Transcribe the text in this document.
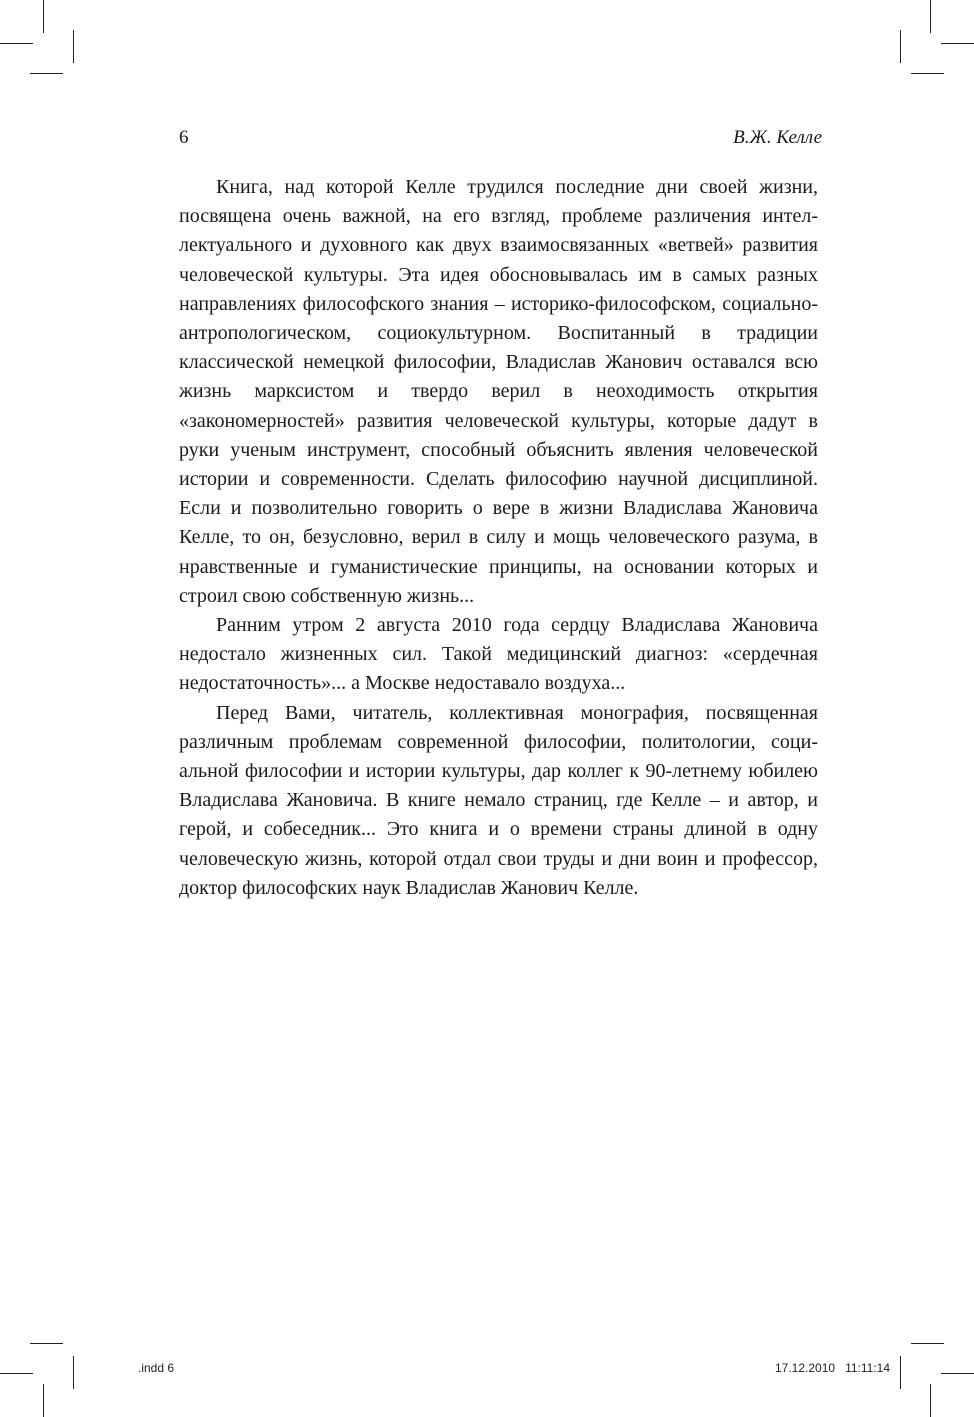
6	В.Ж. Келле

Книга, над которой Келле трудился последние дни своей жизни, посвящена очень важной, на его взгляд, проблеме различения интеллектуального и духовного как двух взаимосвязанных «ветвей» развития человеческой культуры. Эта идея обосновывалась им в самых разных направлениях философского знания – историко-философском, социально-антропологическом, социокультурном. Воспитанный в традиции классической немецкой философии, Владислав Жанович оставался всю жизнь марксистом и твердо верил в неоходимость открытия «закономерностей» развития человеческой культуры, которые дадут в руки ученым инструмент, способный объяснить явления человеческой истории и современности. Сделать философию научной дисциплиной. Если и позволительно говорить о вере в жизни Владислава Жановича Келле, то он, безусловно, верил в силу и мощь человеческого разума, в нравственные и гуманистические принципы, на основании которых и строил свою собственную жизнь...

Ранним утром 2 августа 2010 года сердцу Владислава Жановича недостало жизненных сил. Такой медицинский диагноз: «сердечная недостаточность»... а Москве недоставало воздуха...

Перед Вами, читатель, коллективная монография, посвященная различным проблемам современной философии, политологии, социальной философии и истории культуры, дар коллег к 90-летнему юбилею Владислава Жановича. В книге немало страниц, где Келле – и автор, и герой, и собеседник... Это книга и о времени страны длиной в одну человеческую жизнь, которой отдал свои труды и дни воин и профессор, доктор философских наук Владислав Жанович Келле.

.indd 6	17.12.2010 11:11:14
